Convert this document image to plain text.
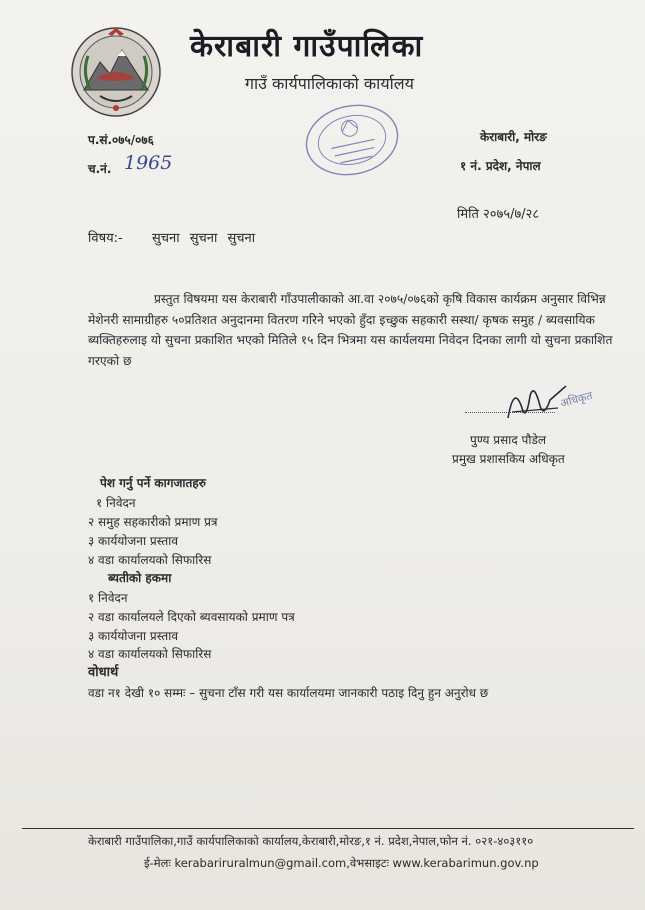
केराबारी गाउँपालिका
गाउँ कार्यपालिकाको कार्यालय
प.सं.०७५/०७६
च.नं. 1965
केराबारी, मोरङ
१ नं. प्रदेश, नेपाल
मिति २०७५/७/२८
विषय:- सुचना सुचना सुचना
प्रस्तुत विषयमा यस केराबारी गाँउपालीकाको आ.वा २०७५/०७६को कृषि विकास कार्यक्रम अनुसार विभिन्न मेशेनरी सामाग्रीहरु ५०प्रतिशत अनुदानमा वितरण गरिने भएको हुँदा इच्छुक सहकारी सस्था/ कृषक समुह / ब्यवसायिक ब्यक्तिहरुलाइ यो सुचना प्रकाशित भएको मितिले १५ दिन भित्रमा यस कार्यलयमा निवेदन दिनका लागी यो सुचना प्रकाशित गरएको छ
अधिकृत
पुण्य प्रसाद पौडेल
प्रमुख प्रशासकिय अधिकृत
पेश गर्नु पर्ने कागजातहरु
१ निवेदन
२ समुह सहकारीको प्रमाण प्रत्र
३ कार्ययोजना प्रस्ताव
४ वडा कार्यालयको सिफारिस
ब्यतीको हकमा
१ निवेदन
२ वडा कार्यालयले दिएको ब्यवसायको प्रमाण पत्र
३ कार्ययोजना प्रस्ताव
४ वडा कार्यालयको सिफारिस
वोधार्थ
वडा न१ देखी १० सम्मः – सुचना टाँस गरी यस कार्यालयमा जानकारी पठाइ दिनु हुन अनुरोध छ
केराबारी गाउँपालिका,गाउँ कार्यपालिकाको कार्यालय,केराबारी,मोरङ,१ नं. प्रदेश,नेपाल,फोन नं. ०२१-४०३११०
ई-मेलः kerabariruralmun@gmail.com,वेभसाइटः www.kerabarimun.gov.np
